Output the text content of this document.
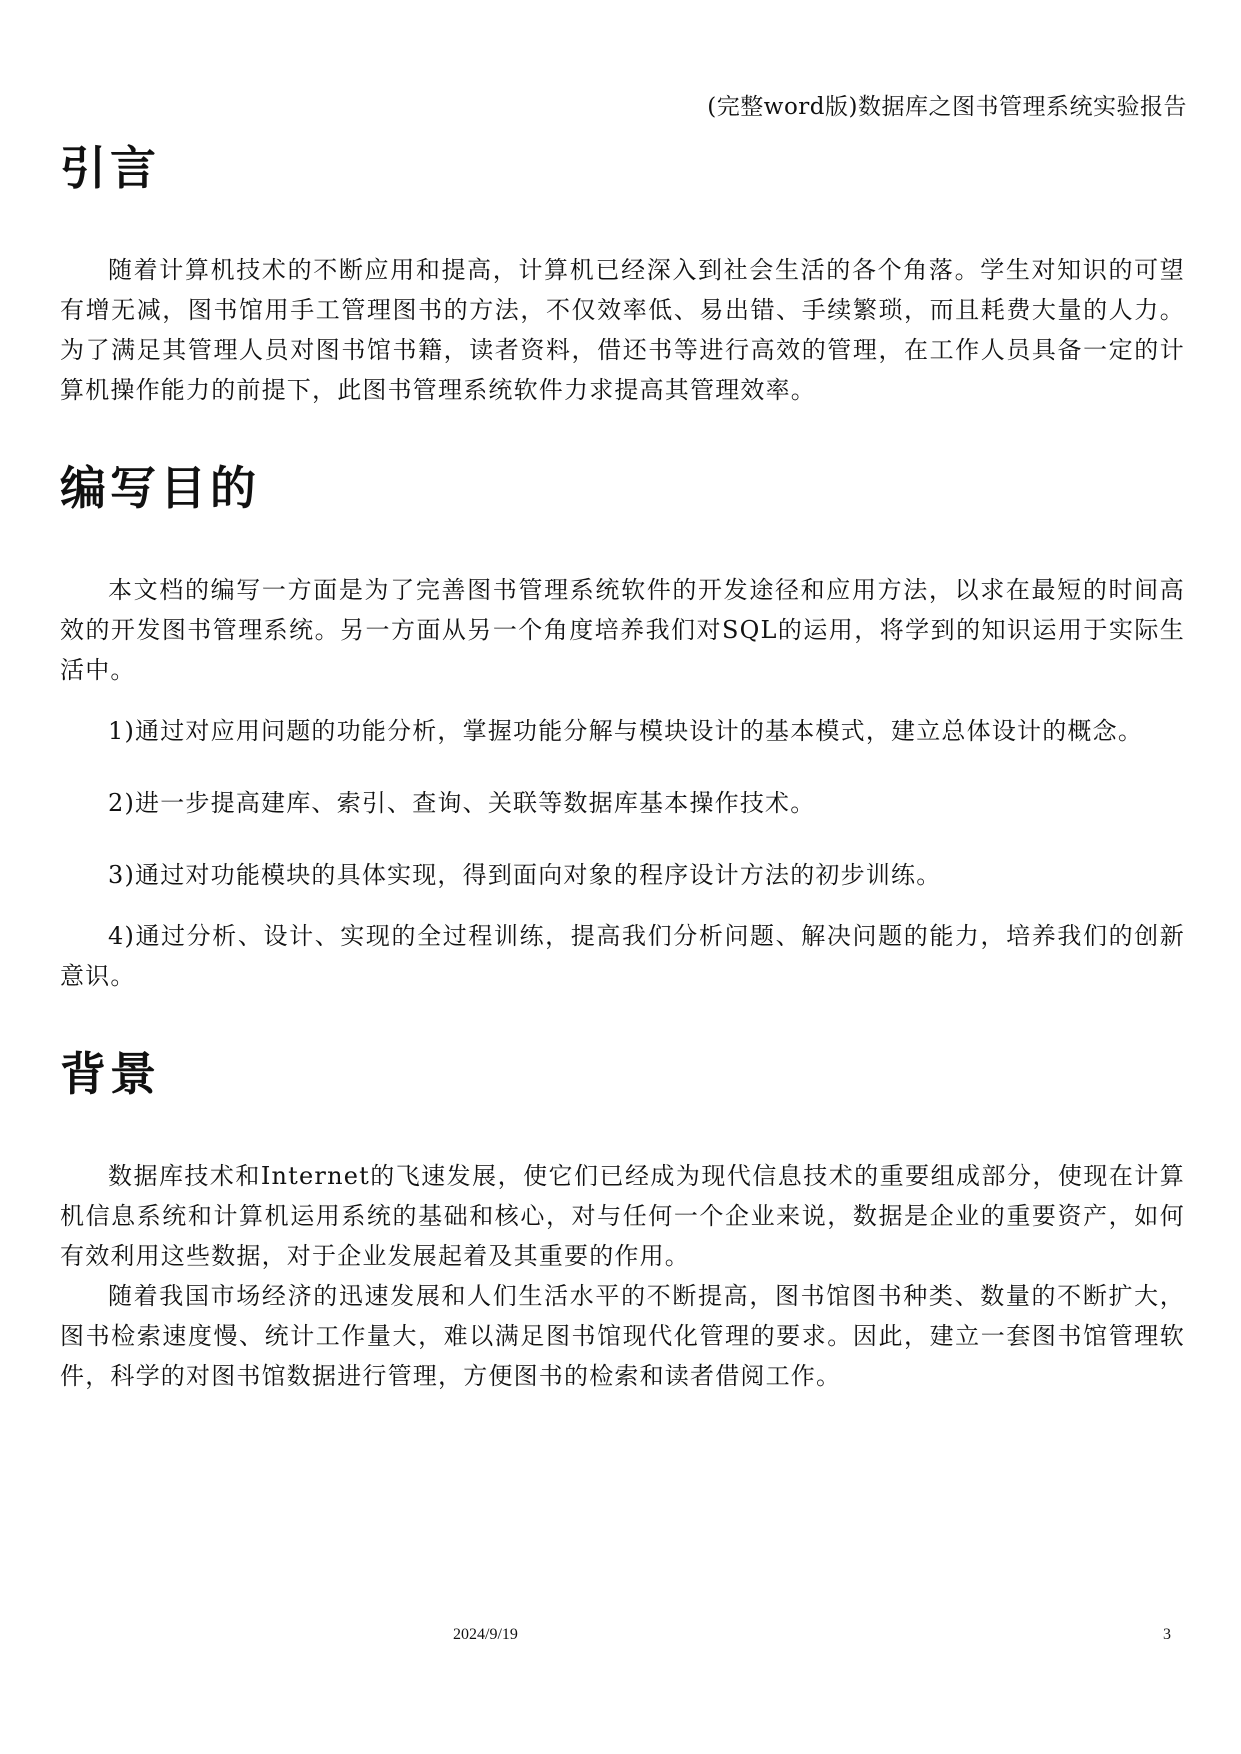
(完整word版)数据库之图书管理系统实验报告
引言

随着计算机技术的不断应用和提高，计算机已经深入到社会生活的各个角落。学生对知识的可望有增无减，图书馆用手工管理图书的方法，不仅效率低、易出错、手续繁琐，而且耗费大量的人力。为了满足其管理人员对图书馆书籍，读者资料，借还书等进行高效的管理，在工作人员具备一定的计算机操作能力的前提下，此图书管理系统软件力求提高其管理效率。

编写目的

本文档的编写一方面是为了完善图书管理系统软件的开发途径和应用方法，以求在最短的时间高效的开发图书管理系统。另一方面从另一个角度培养我们对SQL的运用，将学到的知识运用于实际生活中。

1)通过对应用问题的功能分析，掌握功能分解与模块设计的基本模式，建立总体设计的概念。

2)进一步提高建库、索引、查询、关联等数据库基本操作技术。

3)通过对功能模块的具体实现，得到面向对象的程序设计方法的初步训练。

4)通过分析、设计、实现的全过程训练，提高我们分析问题、解决问题的能力，培养我们的创新意识。

背景

数据库技术和Internet的飞速发展，使它们已经成为现代信息技术的重要组成部分，使现在计算机信息系统和计算机运用系统的基础和核心，对与任何一个企业来说，数据是企业的重要资产，如何有效利用这些数据，对于企业发展起着及其重要的作用。

随着我国市场经济的迅速发展和人们生活水平的不断提高，图书馆图书种类、数量的不断扩大，图书检索速度慢、统计工作量大，难以满足图书馆现代化管理的要求。因此，建立一套图书馆管理软件，科学的对图书馆数据进行管理，方便图书的检索和读者借阅工作。

2024/9/19	3
